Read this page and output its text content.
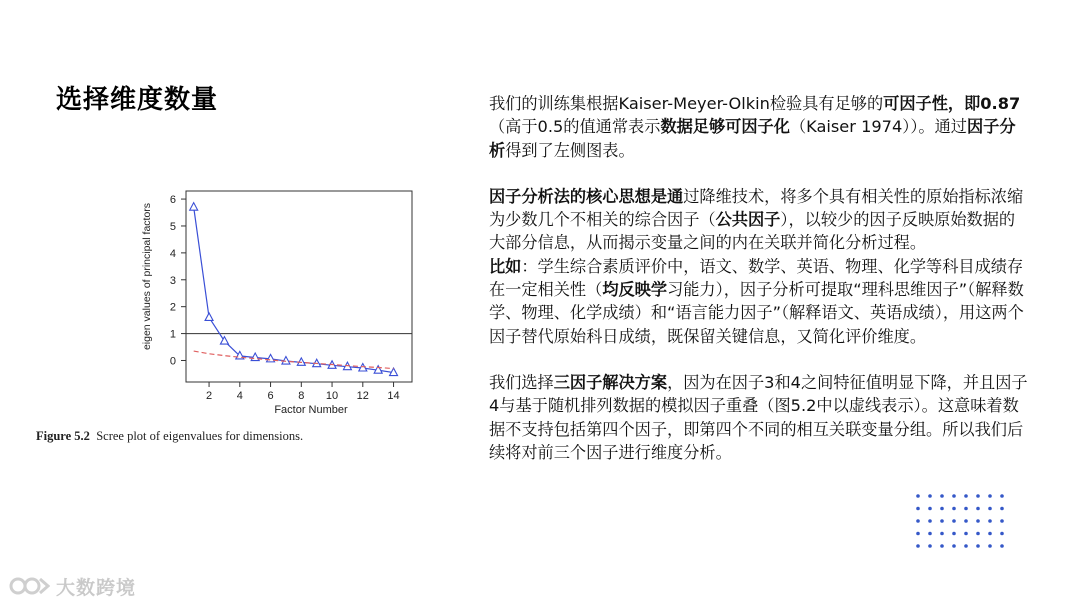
选择维度数量
0
1
2
3
4
5
6
2 4 6 8 10 12 14
Factor Number
eigen values of principal factors
Figure 5.2 Scree plot of eigenvalues for dimensions.

我们的训练集根据Kaiser-Meyer-Olkin检验具有足够的可因子性，即0.87（高于0.5的值通常表示数据足够可因子化（Kaiser 1974））。通过因子分析得到了左侧图表。

因子分析法的核心思想是通过降维技术，将多个具有相关性的原始指标浓缩为少数几个不相关的综合因子（公共因子），以较少的因子反映原始数据的大部分信息，从而揭示变量之间的内在关联并简化分析过程。

比如：学生综合素质评价中，语文、数学、英语、物理、化学等科目成绩存在一定相关性（均反映学习能力），因子分析可提取“理科思维因子”（解释数学、物理、化学成绩）和“语言能力因子”（解释语文、英语成绩），用这两个因子替代原始科日成绩，既保留关键信息，又简化评价维度。

我们选择三因子解决方案，因为在因子3和4之间特征值明显下降，并且因子4与基于随机排列数据的模拟因子重叠（图5.2中以虚线表示）。这意味着数据不支持包括第四个因子，即第四个不同的相互关联变量分组。所以我们后续将对前三个因子进行维度分析。

大数跨境
